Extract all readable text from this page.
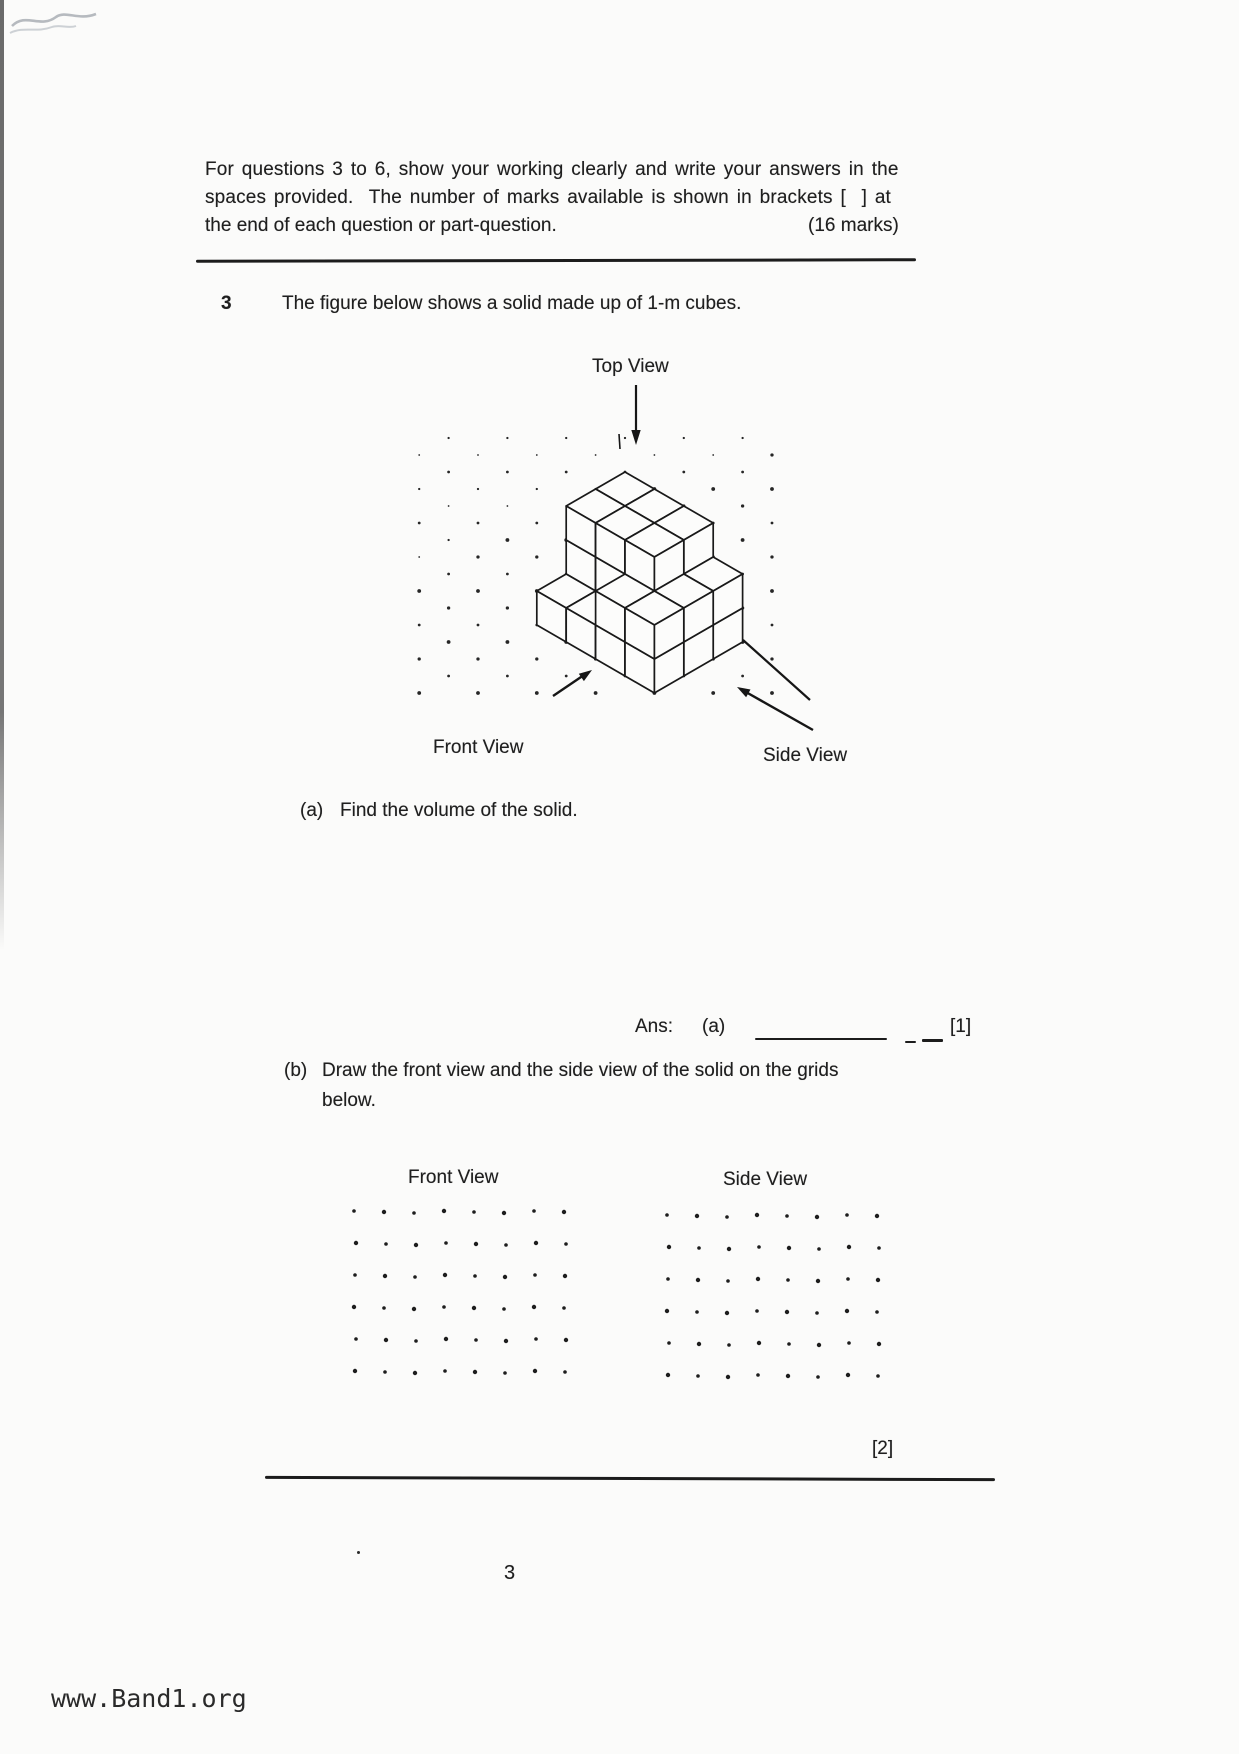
For questions 3 to 6, show your working clearly and write your answers in the
spaces provided.  The number of marks available is shown in brackets [  ] at
the end of each question or part-question.	(16 marks)
3	The figure below shows a solid made up of 1-m cubes.
Top View
Front View	Side View
(a) Find the volume of the solid.
Ans: (a)	[1]
(b) Draw the front view and the side view of the solid on the grids
below.
Front View	Side View
[2]
3
www.Band1.org
